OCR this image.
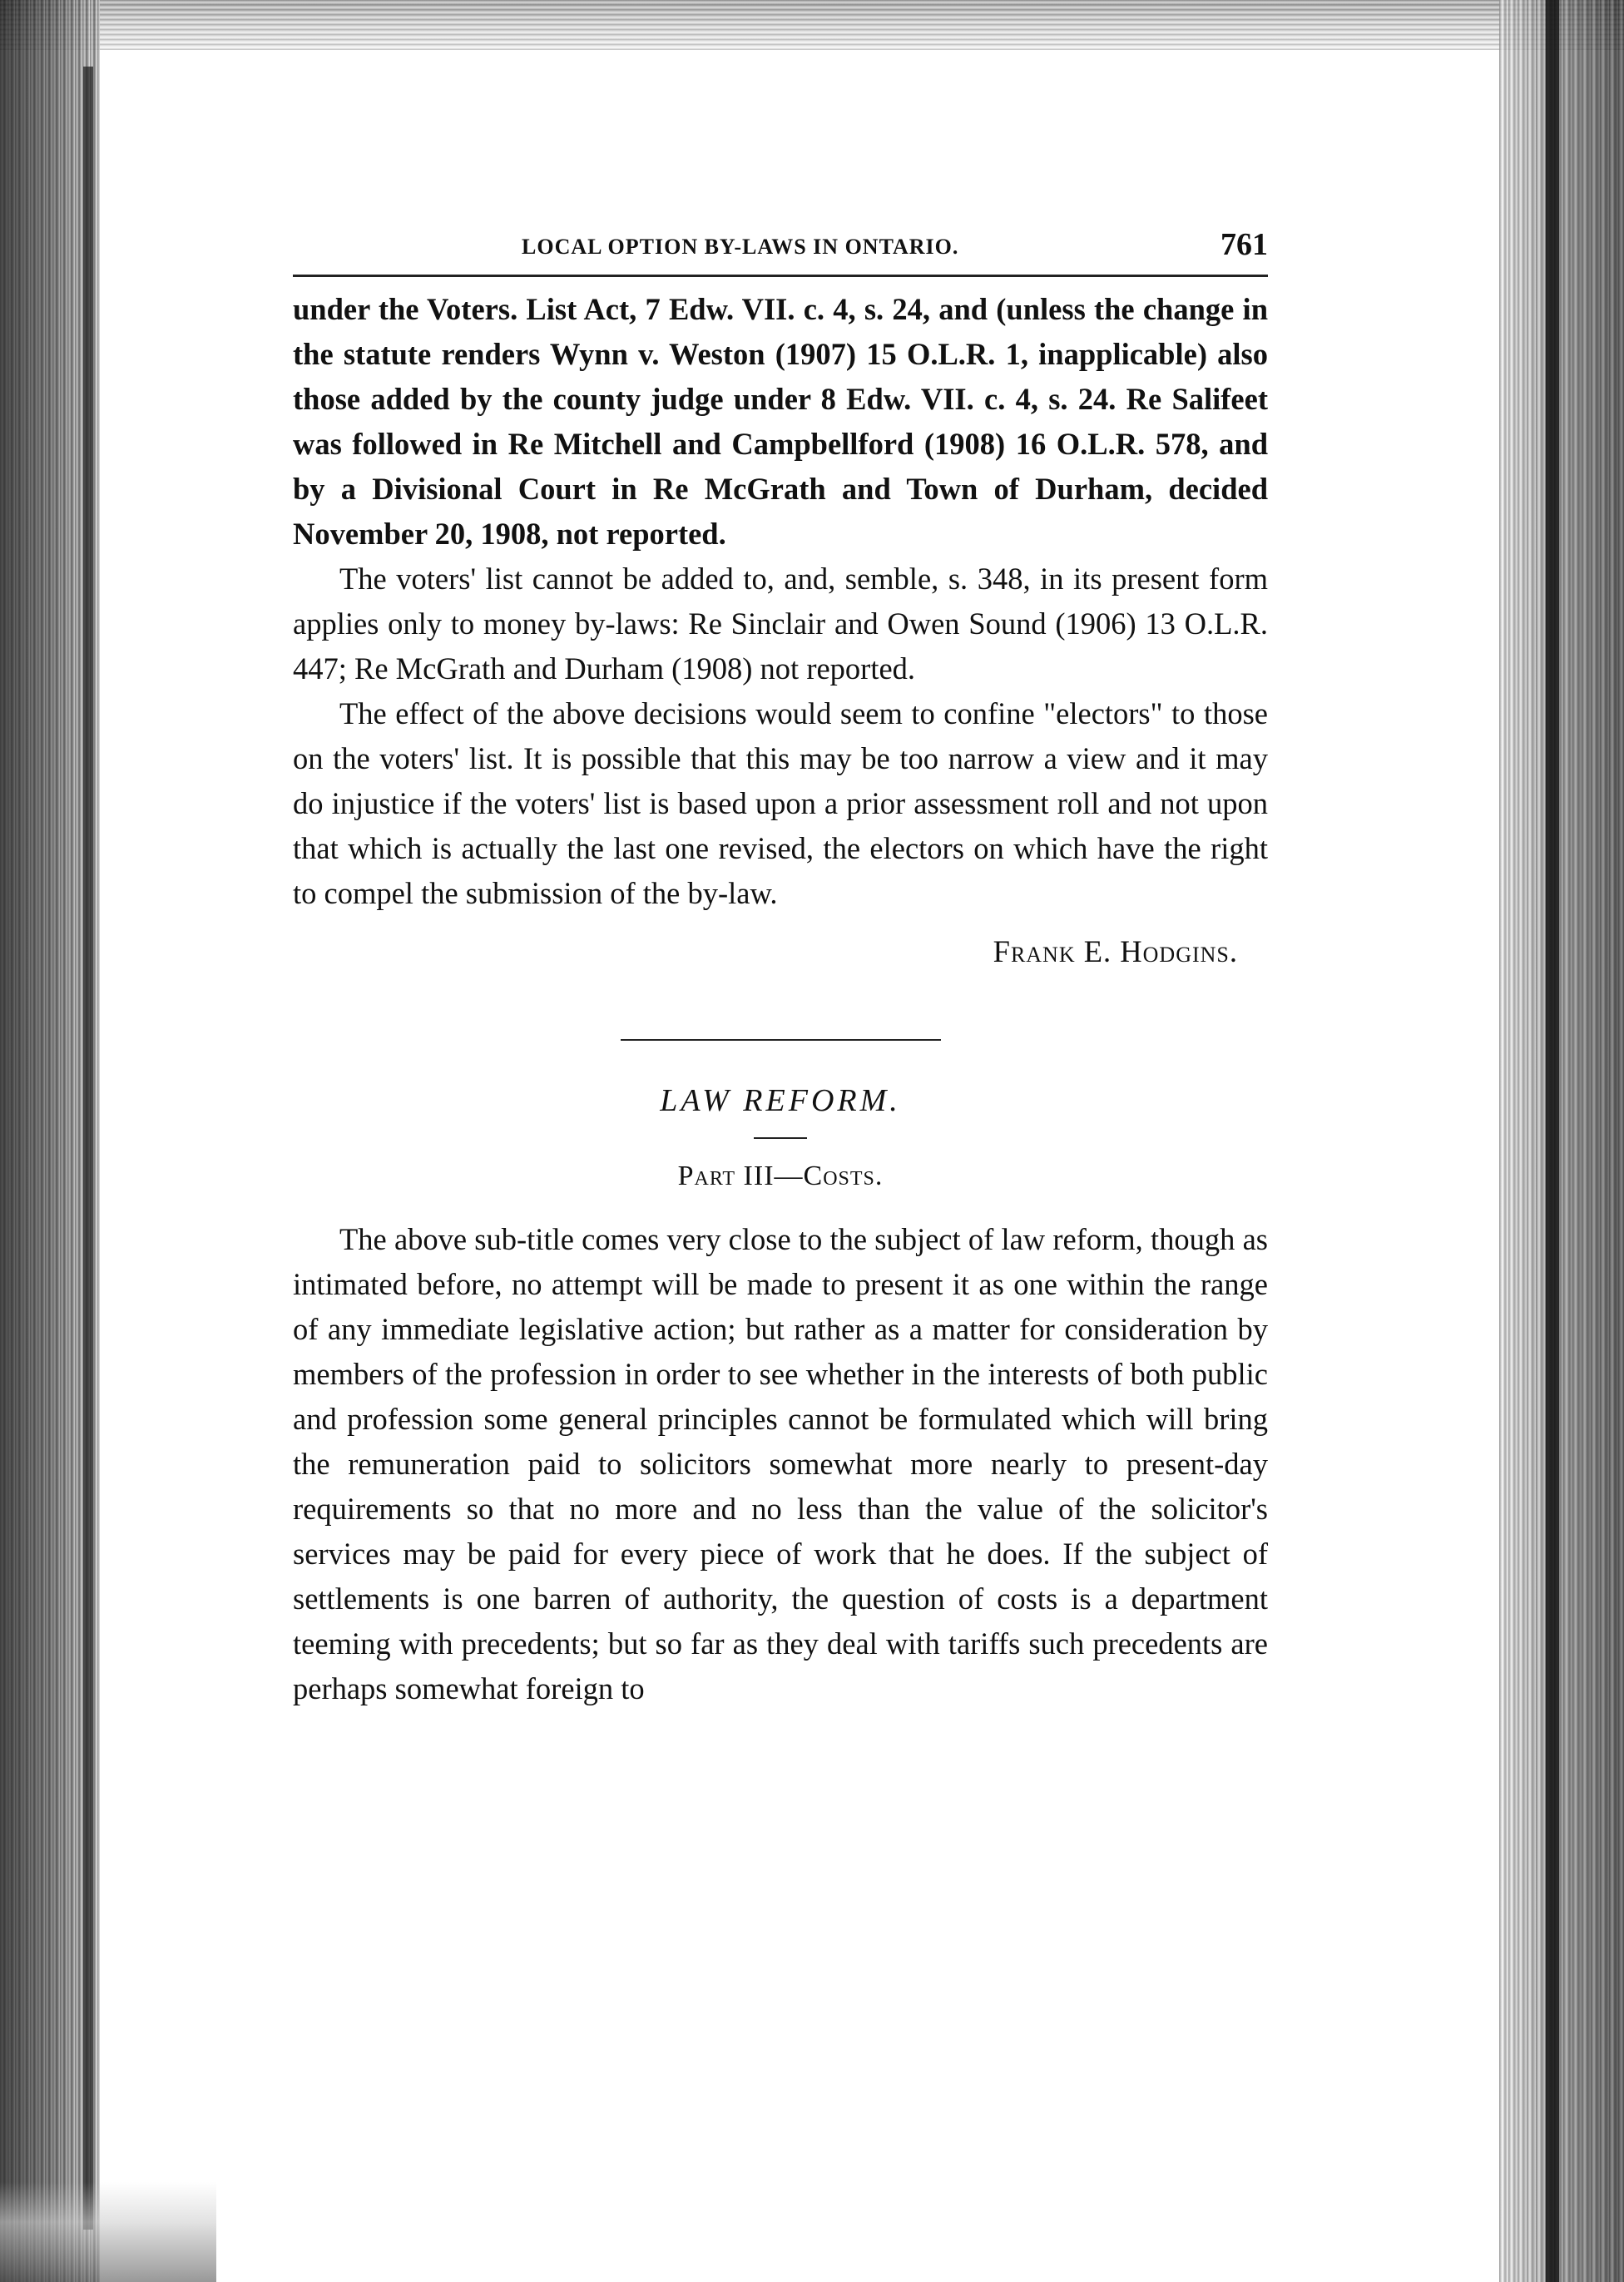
LOCAL OPTION BY-LAWS IN ONTARIO.	761

under the Voters. List Act, 7 Edw. VII. c. 4, s. 24, and (unless the change in the statute renders Wynn v. Weston (1907) 15 O.L.R. 1, inapplicable) also those added by the county judge under 8 Edw. VII. c. 4, s. 24. Re Salifeet was followed in Re Mitchell and Campbellford (1908) 16 O.L.R. 578, and by a Divisional Court in Re McGrath and Town of Durham, decided November 20, 1908, not reported.

The voters' list cannot be added to, and, semble, s. 348, in its present form applies only to money by-laws: Re Sinclair and Owen Sound (1906) 13 O.L.R. 447; Re McGrath and Durham (1908) not reported.

The effect of the above decisions would seem to confine "electors" to those on the voters' list. It is possible that this may be too narrow a view and it may do injustice if the voters' list is based upon a prior assessment roll and not upon that which is actually the last one revised, the electors on which have the right to compel the submission of the by-law.

Frank E. Hodgins.

LAW REFORM.
Part III—Costs.

The above sub-title comes very close to the subject of law reform, though as intimated before, no attempt will be made to present it as one within the range of any immediate legislative action; but rather as a matter for consideration by members of the profession in order to see whether in the interests of both public and profession some general principles cannot be formulated which will bring the remuneration paid to solicitors somewhat more nearly to present-day requirements so that no more and no less than the value of the solicitor's services may be paid for every piece of work that he does. If the subject of settlements is one barren of authority, the question of costs is a department teeming with precedents; but so far as they deal with tariffs such precedents are perhaps somewhat foreign to
